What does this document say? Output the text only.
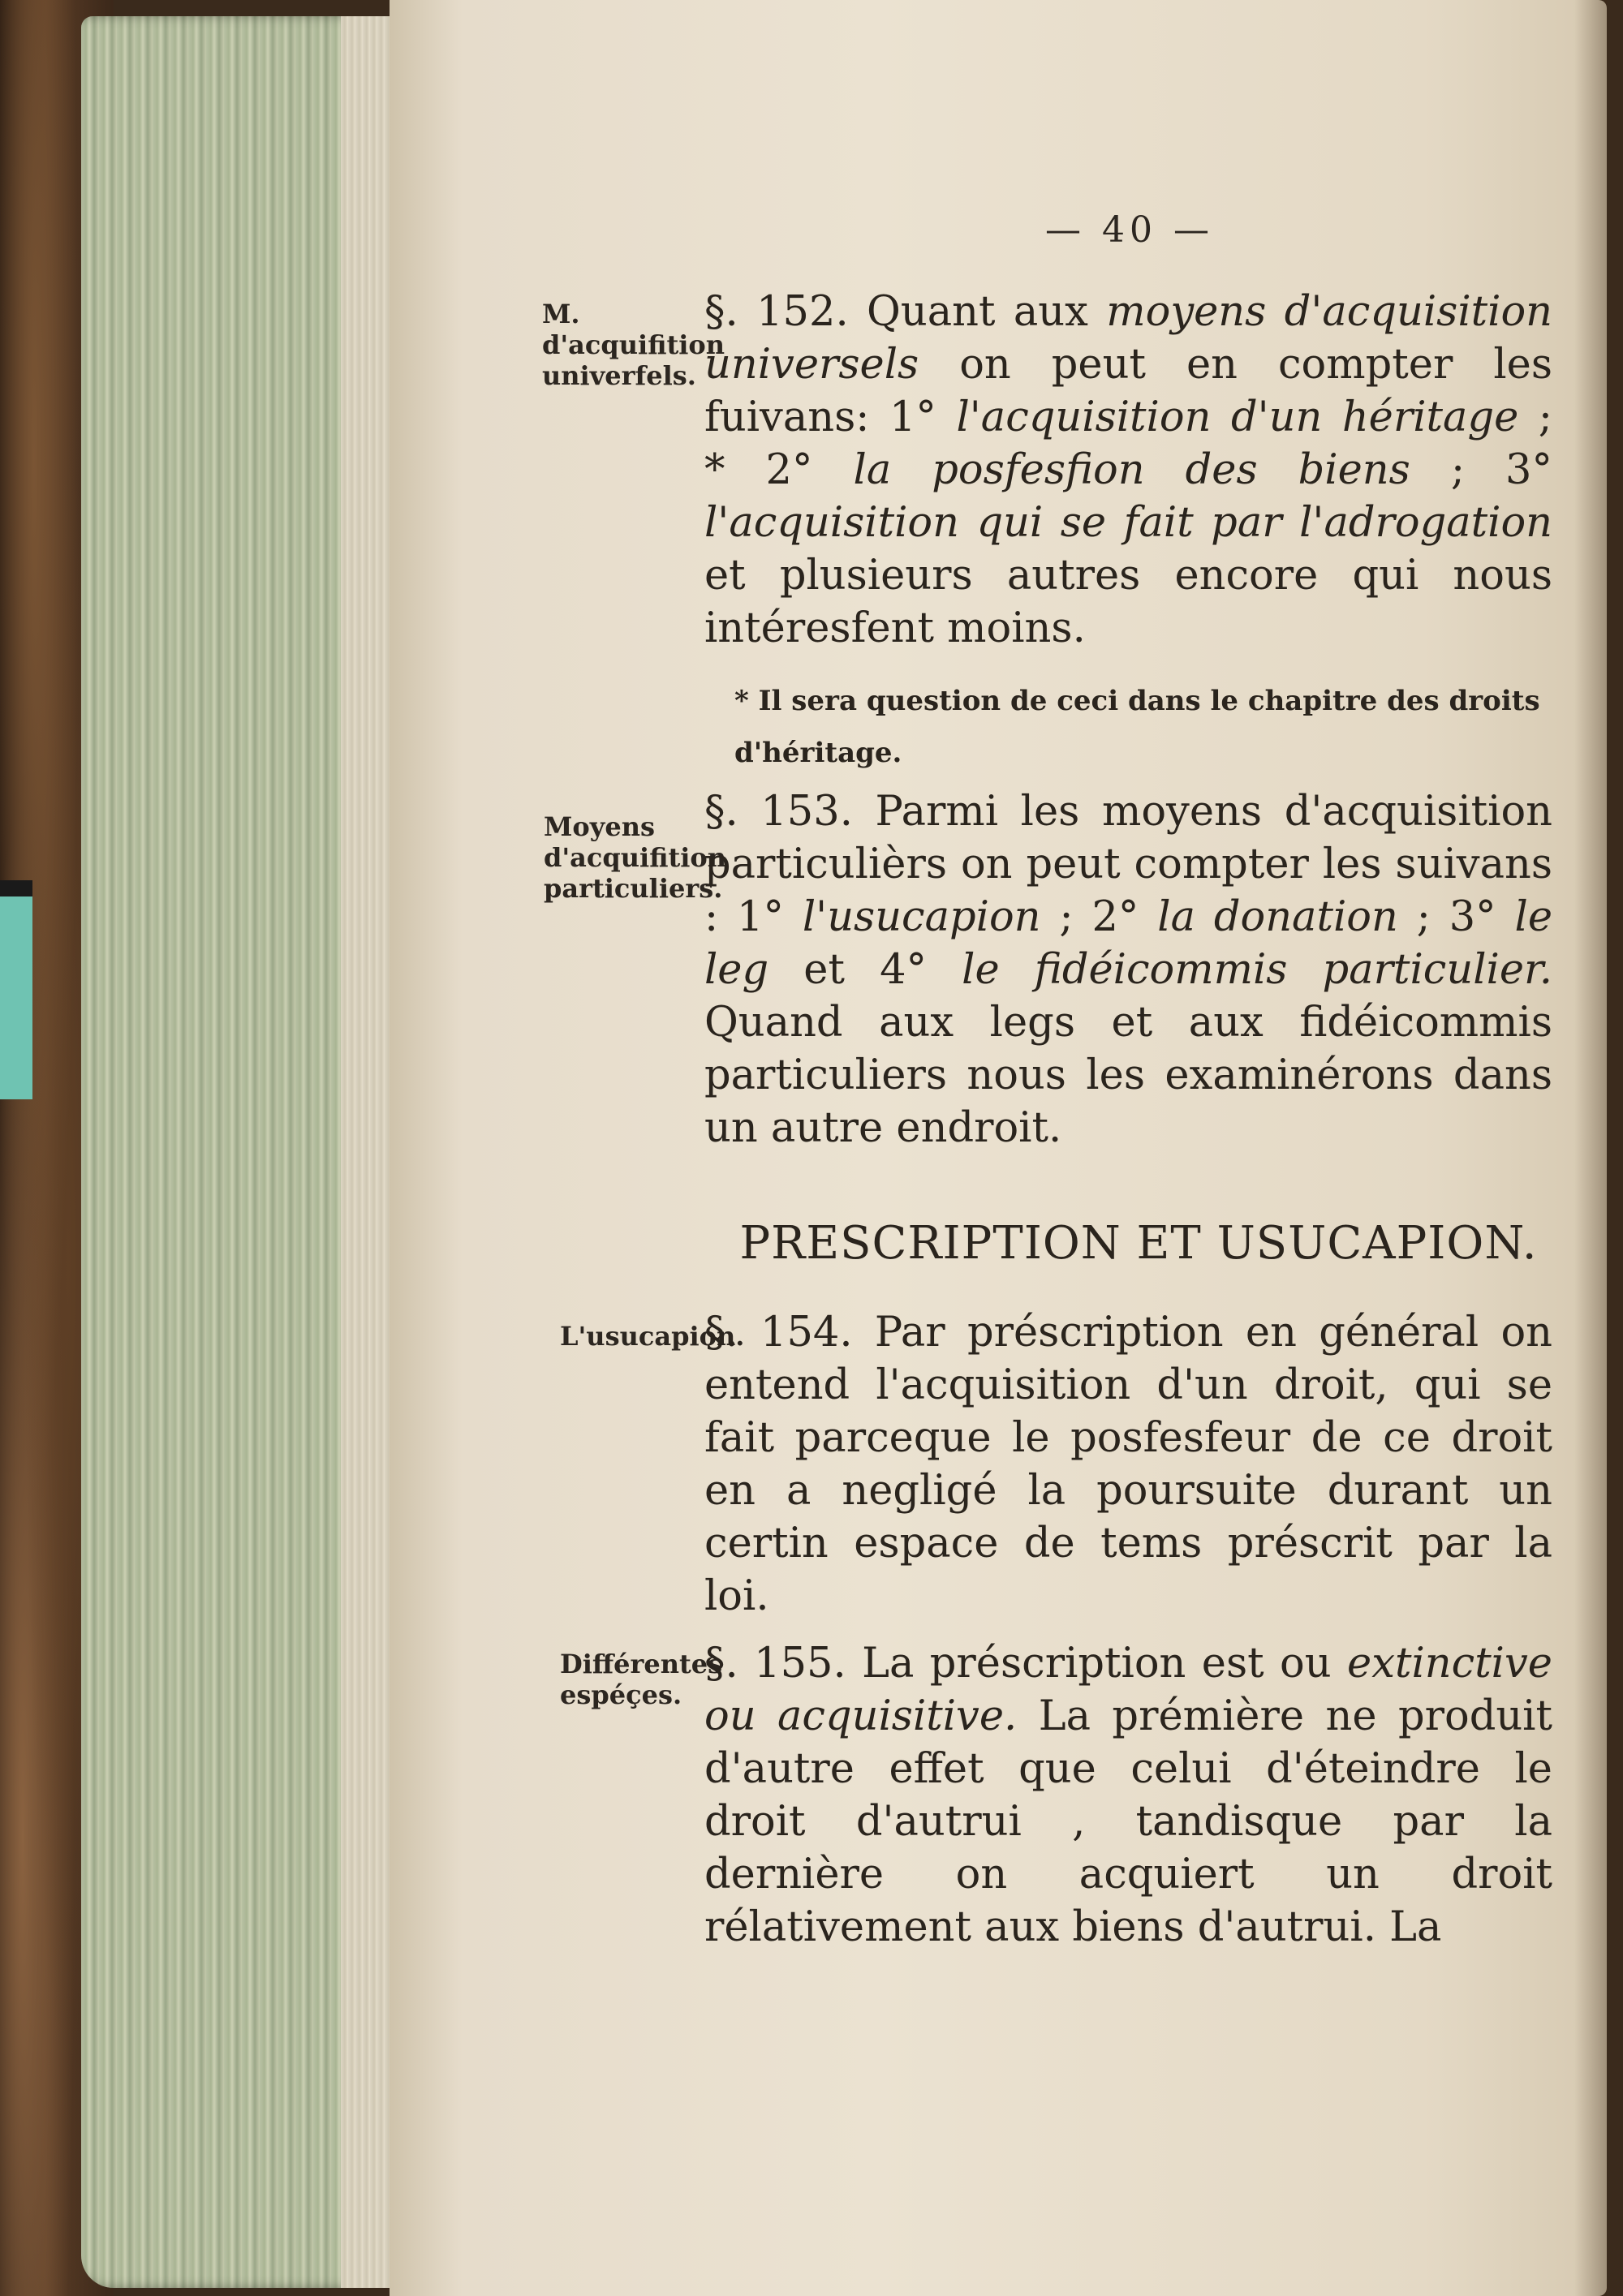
— 40 —
M. d'acquifition univerfels.
Moyens d'acquifition particuliers.
L'usucapion.
Différentes espéçes.
§. 152. Quant aux moyens d'acquisition universels on peut en compter les fuivans: 1° l'acquisition d'un héritage ; * 2° la posfesfion des biens ; 3° l'acquisition qui se fait par l'adrogation et plusieurs autres encore qui nous intéresfent moins.
* Il sera question de ceci dans le chapitre des droits d'héritage.
§. 153. Parmi les moyens d'acquisition particulièrs on peut compter les suivans : 1° l'usucapion ; 2° la donation ; 3° le leg et 4° le fidéicommis particulier. Quand aux legs et aux fidéicommis particuliers nous les examinérons dans un autre endroit.
PRESCRIPTION ET USUCAPION.
§. 154. Par préscription en général on entend l'acquisition d'un droit, qui se fait parceque le posfesfeur de ce droit en a negligé la poursuite durant un certin espace de tems préscrit par la loi.
§. 155. La préscription est ou extinctive ou acquisitive. La prémière ne produit d'autre effet que celui d'éteindre le droit d'autrui , tandisque par la dernière on acquiert un droit rélativement aux biens d'autrui. La
